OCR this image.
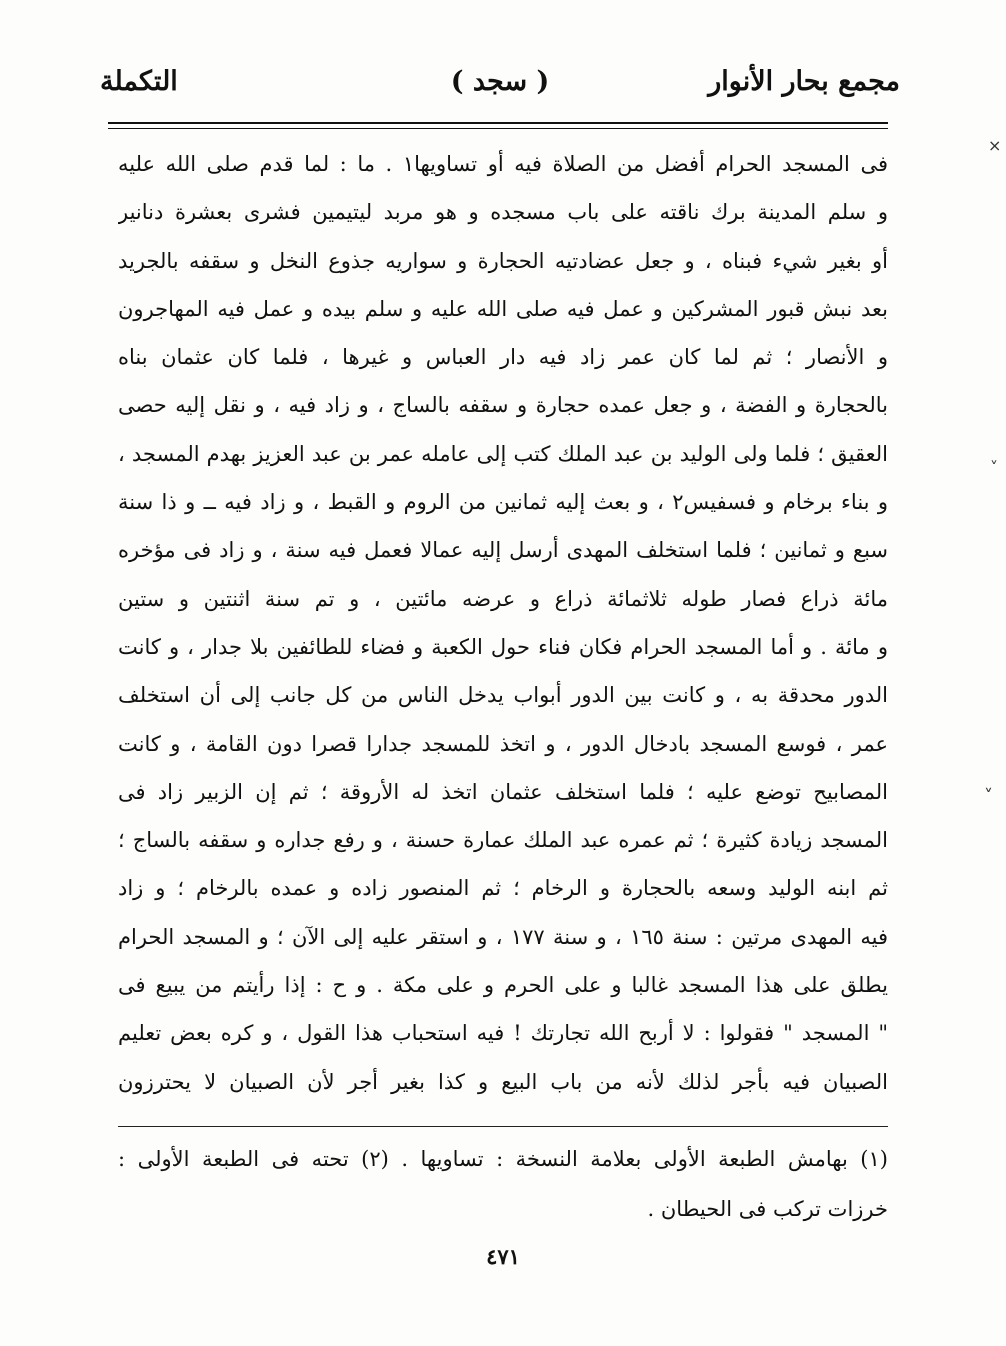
مجمع بحار الأنوار
( سجد )
التكملة
فى المسجد الحرام أفضل من الصلاة فيه أو تساويها١ . ما : لما قدم صلى الله عليه
و سلم المدينة برك ناقته على باب مسجده و هو مربد ليتيمين فشرى بعشرة دنانير
أو بغير شيء فبناه ، و جعل عضادتيه الحجارة و سواريه جذوع النخل و سقفه بالجريد
بعد نبش قبور المشركين و عمل فيه صلى الله عليه و سلم بيده و عمل فيه المهاجرون
و الأنصار ؛ ثم لما كان عمر زاد فيه دار العباس و غيرها ، فلما كان عثمان بناه
بالحجارة و الفضة ، و جعل عمده حجارة و سقفه بالساج ، و زاد فيه ، و نقل إليه حصى
العقيق ؛ فلما ولى الوليد بن عبد الملك كتب إلى عامله عمر بن عبد العزيز بهدم المسجد ،
و بناء برخام و فسفيس٢ ، و بعث إليه ثمانين من الروم و القبط ، و زاد فيه ــ و ذا سنة
سبع و ثمانين ؛ فلما استخلف المهدى أرسل إليه عمالا فعمل فيه سنة ، و زاد فى مؤخره
مائة ذراع فصار طوله ثلاثمائة ذراع و عرضه مائتين ، و تم سنة اثنتين و ستين
و مائة . و أما المسجد الحرام فكان فناء حول الكعبة و فضاء للطائفين بلا جدار ، و كانت
الدور محدقة به ، و كانت بين الدور أبواب يدخل الناس من كل جانب إلى أن استخلف
عمر ، فوسع المسجد بادخال الدور ، و اتخذ للمسجد جدارا قصرا دون القامة ، و كانت
المصابيح توضع عليه ؛ فلما استخلف عثمان اتخذ له الأروقة ؛ ثم إن الزبير زاد فى
المسجد زيادة كثيرة ؛ ثم عمره عبد الملك عمارة حسنة ، و رفع جداره و سقفه بالساج ؛
ثم ابنه الوليد وسعه بالحجارة و الرخام ؛ ثم المنصور زاده و عمده بالرخام ؛ و زاد
فيه المهدى مرتين : سنة ١٦٥ ، و سنة ١٧٧ ، و استقر عليه إلى الآن ؛ و المسجد الحرام
يطلق على هذا المسجد غالبا و على الحرم و على مكة . و ح : إذا رأيتم من يبيع فى
" المسجد " فقولوا : لا أربح الله تجارتك ! فيه استحباب هذا القول ، و كره بعض تعليم
الصبيان فيه بأجر لذلك لأنه من باب البيع و كذا بغير أجر لأن الصبيان لا يحترزون
(١) بهامش الطبعة الأولى بعلامة النسخة : تساويها . (٢) تحته فى الطبعة الأولى :
خرزات تركب فى الحيطان .
٤٧١
×
˅
˅
